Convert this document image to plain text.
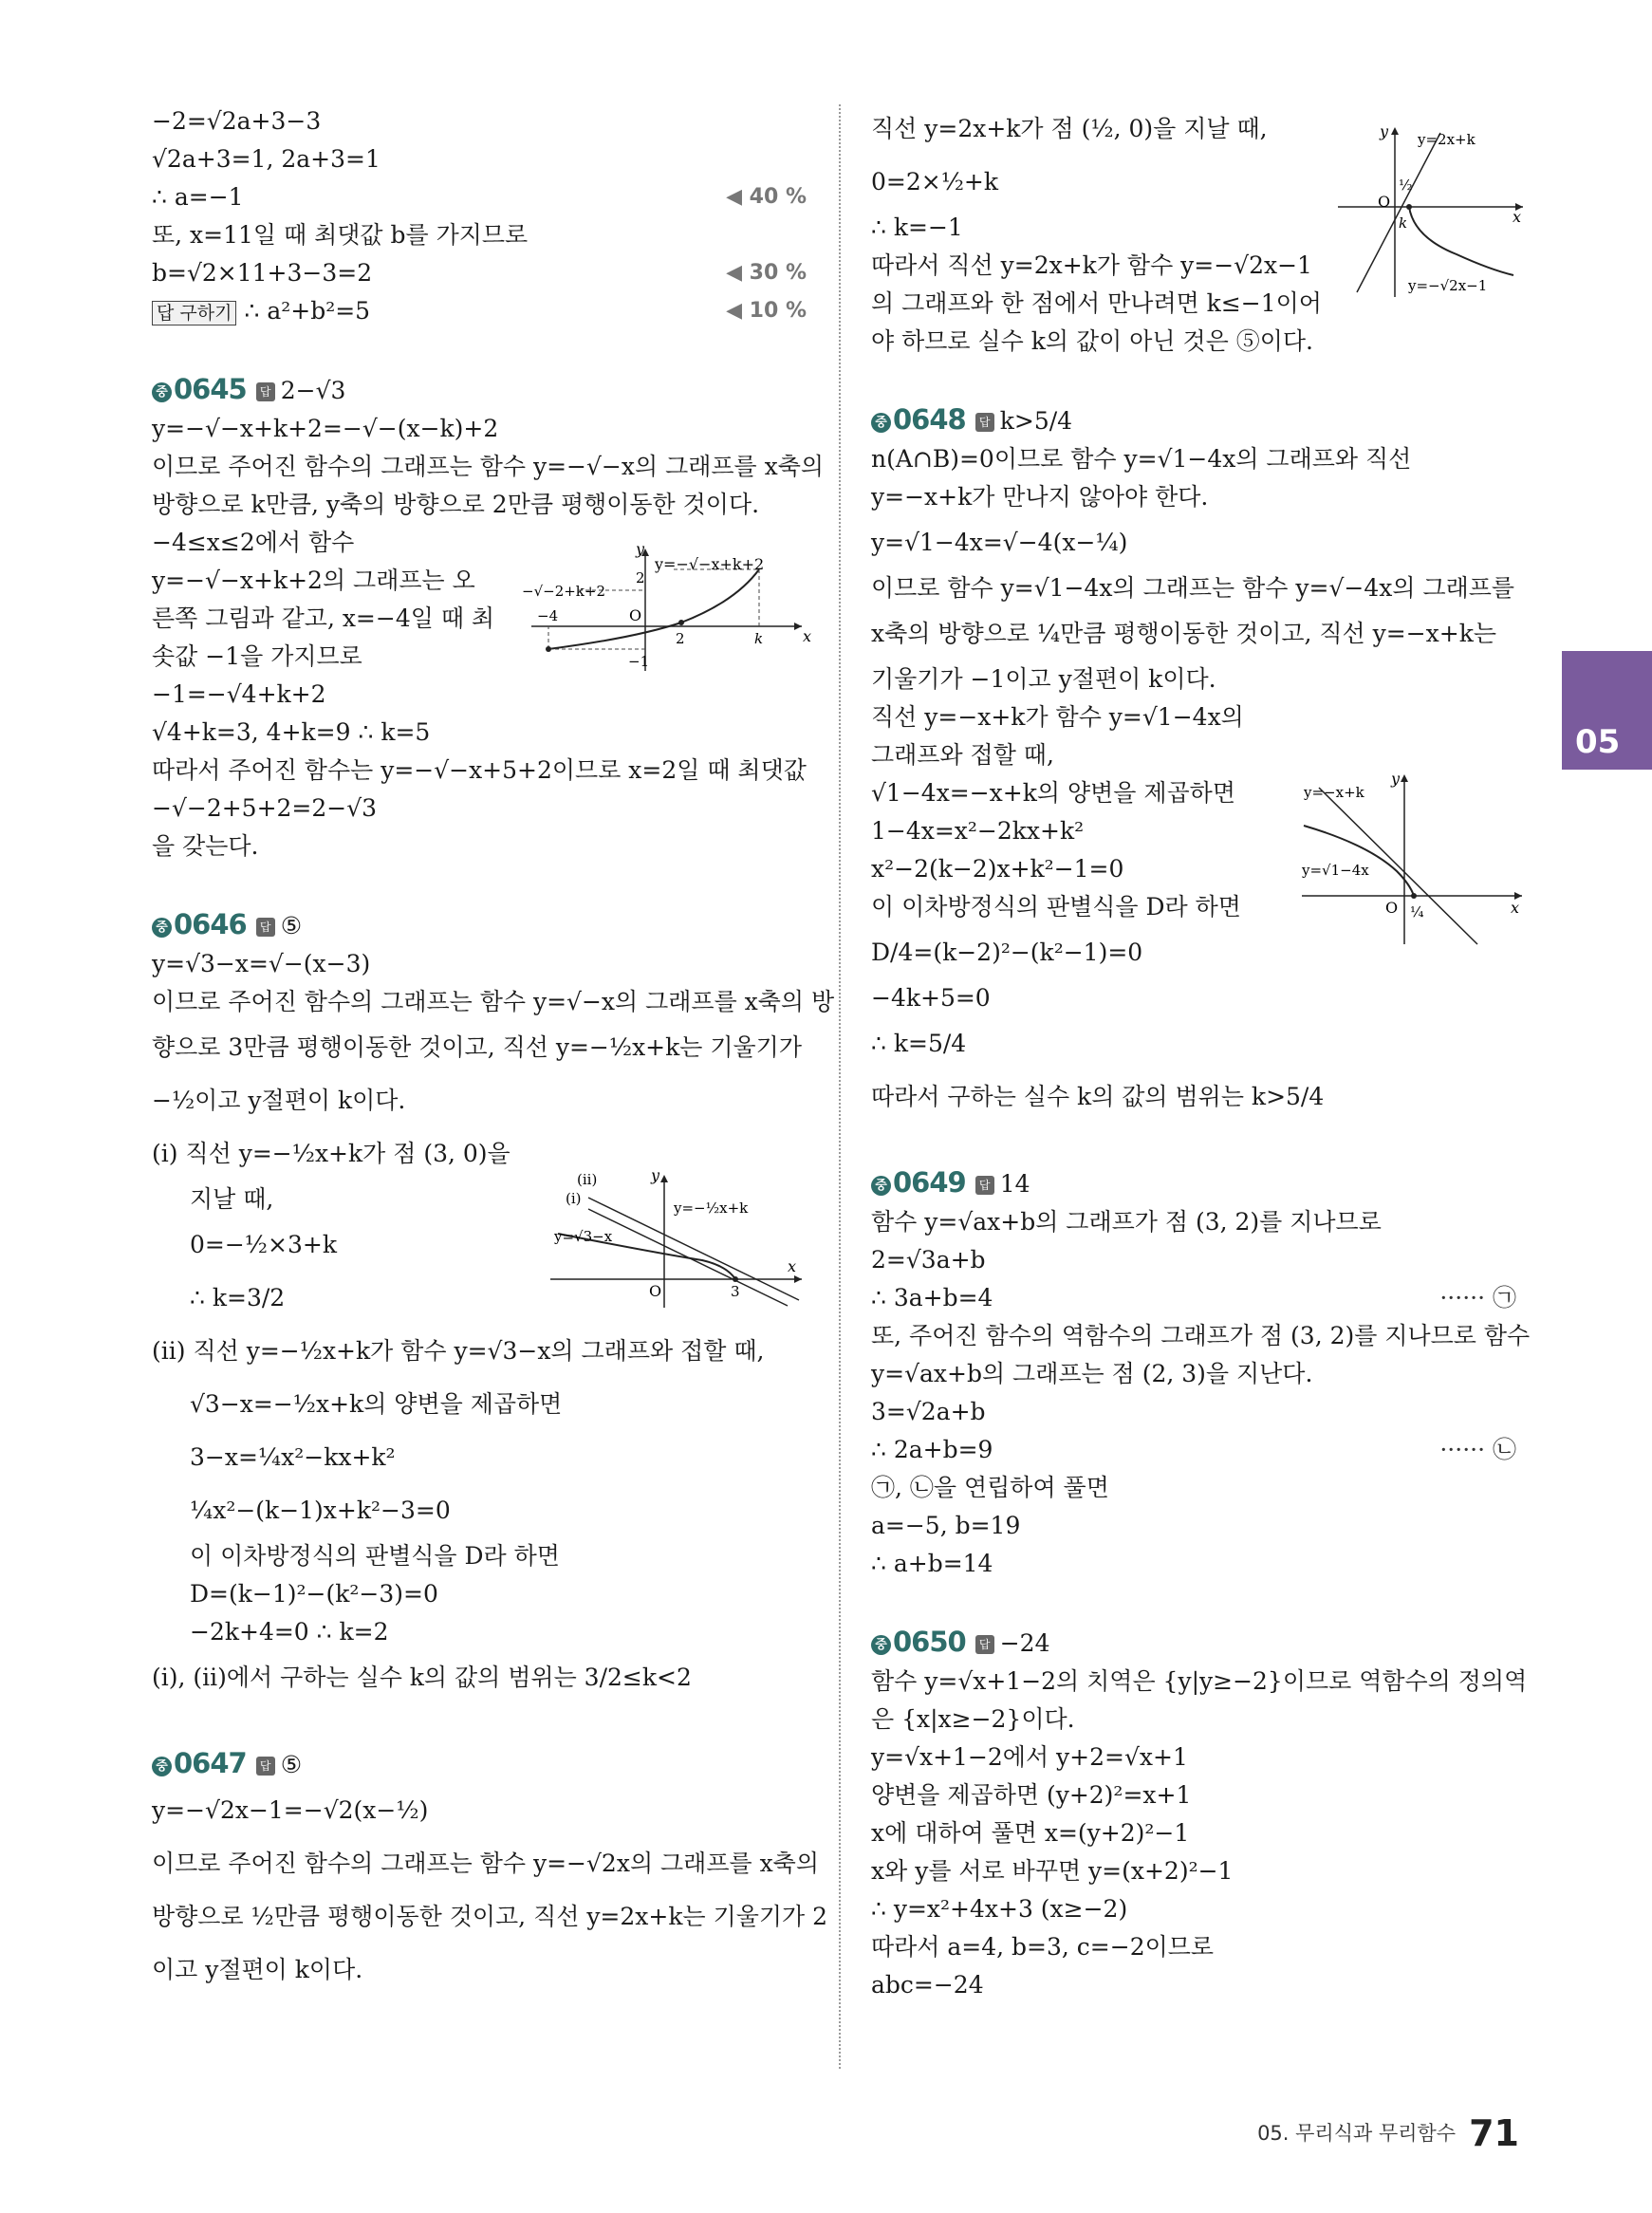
−2=√2a+3−3
√2a+3=1, 2a+3=1
∴ a=−1	◀ 40 %
또, x=11일 때 최댓값 b를 가지므로
b=√2×11+3−3=2	◀ 30 %
답 구하기 ∴ a²+b²=5	◀ 10 %
중 0645 답 2−√3
y=−√−x+k+2=−√−(x−k)+2
이므로 주어진 함수의 그래프는 함수 y=−√−x의 그래프를 x축의
방향으로 k만큼, y축의 방향으로 2만큼 평행이동한 것이다.
−4≤x≤2에서 함수
y=−√−x+k+2의 그래프는 오
른쪽 그림과 같고, x=−4일 때 최
솟값 −1을 가지므로
−1=−√4+k+2
√4+k=3, 4+k=9 ∴ k=5
따라서 주어진 함수는 y=−√−x+5+2이므로 x=2일 때 최댓값
−√−2+5+2=2−√3
을 갖는다.
중 0646 답 ⑤
y=√3−x=√−(x−3)
이므로 주어진 함수의 그래프는 함수 y=√−x의 그래프를 x축의 방
향으로 3만큼 평행이동한 것이고, 직선 y=−½x+k는 기울기가
−½이고 y절편이 k이다.
(i) 직선 y=−½x+k가 점 (3, 0)을
지날 때,
0=−½×3+k
∴ k=3/2
(ii) 직선 y=−½x+k가 함수 y=√3−x의 그래프와 접할 때,
√3−x=−½x+k의 양변을 제곱하면
3−x=¼x²−kx+k²
¼x²−(k−1)x+k²−3=0
이 이차방정식의 판별식을 D라 하면
D=(k−1)²−(k²−3)=0
−2k+4=0 ∴ k=2
(i), (ii)에서 구하는 실수 k의 값의 범위는 3/2≤k<2
중 0647 답 ⑤
y=−√2x−1=−√2(x−½)
이므로 주어진 함수의 그래프는 함수 y=−√2x의 그래프를 x축의
방향으로 ½만큼 평행이동한 것이고, 직선 y=2x+k는 기울기가 2
이고 y절편이 k이다.
x
y
y=−√−x+k+2
−√−2+k+2
2
O
−4
2	k
−1
(ii)
(i)
y=−½x+k
y=√3−x
O	3
x
y
직선 y=2x+k가 점 (½, 0)을 지날 때,
0=2×½+k
∴ k=−1
따라서 직선 y=2x+k가 함수 y=−√2x−1
의 그래프와 한 점에서 만나려면 k≤−1이어
야 하므로 실수 k의 값이 아닌 것은 ⑤이다.
중 0648 답 k>5/4
n(A∩B)=0이므로 함수 y=√1−4x의 그래프와 직선
y=−x+k가 만나지 않아야 한다.
y=√1−4x=√−4(x−¼)
이므로 함수 y=√1−4x의 그래프는 함수 y=√−4x의 그래프를
x축의 방향으로 ¼만큼 평행이동한 것이고, 직선 y=−x+k는
기울기가 −1이고 y절편이 k이다.
직선 y=−x+k가 함수 y=√1−4x의
그래프와 접할 때,
√1−4x=−x+k의 양변을 제곱하면
1−4x=x²−2kx+k²
x²−2(k−2)x+k²−1=0
이 이차방정식의 판별식을 D라 하면
D/4=(k−2)²−(k²−1)=0
−4k+5=0
∴ k=5/4
따라서 구하는 실수 k의 값의 범위는 k>5/4
중 0649 답 14
함수 y=√ax+b의 그래프가 점 (3, 2)를 지나므로
2=√3a+b
∴ 3a+b=4	······ ㉠
또, 주어진 함수의 역함수의 그래프가 점 (3, 2)를 지나므로 함수
y=√ax+b의 그래프는 점 (2, 3)을 지난다.
3=√2a+b
∴ 2a+b=9	······ ㉡
㉠, ㉡을 연립하여 풀면
a=−5, b=19
∴ a+b=14
중 0650 답 −24
함수 y=√x+1−2의 치역은 {y|y≥−2}이므로 역함수의 정의역
은 {x|x≥−2}이다.
y=√x+1−2에서 y+2=√x+1
양변을 제곱하면 (y+2)²=x+1
x에 대하여 풀면 x=(y+2)²−1
x와 y를 서로 바꾸면 y=(x+2)²−1
∴ y=x²+4x+3 (x≥−2)
따라서 a=4, b=3, c=−2이므로
abc=−24
y=2x+k
y=−√2x−1
½
O
k	x
y
y=−x+k
y=√1−4x
O ¼	x
y
05
05. 무리식과 무리함수 71
